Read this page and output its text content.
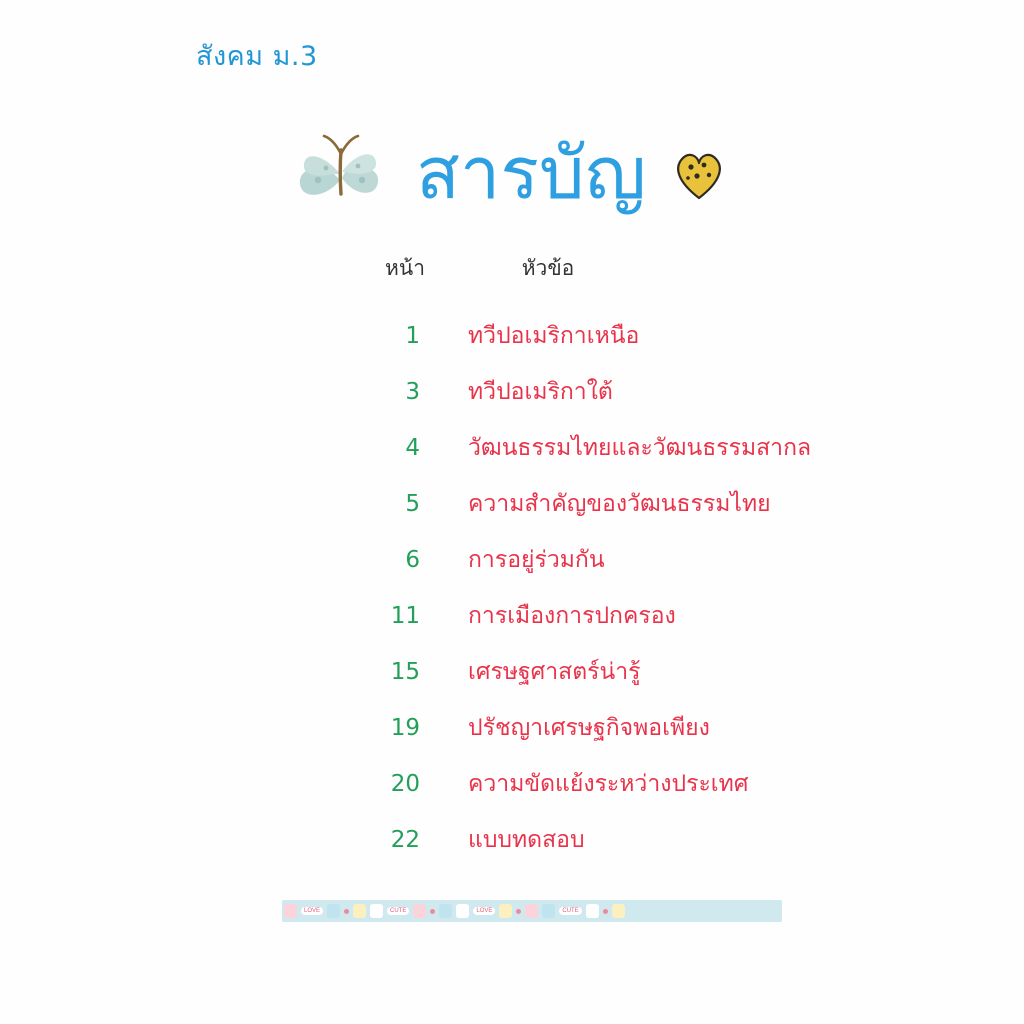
สังคม ม.3
สารบัญ
หน้า	หัวข้อ
1	ทวีปอเมริกาเหนือ
3	ทวีปอเมริกาใต้
4	วัฒนธรรมไทยและวัฒนธรรมสากล
5	ความสำคัญของวัฒนธรรมไทย
6	การอยู่ร่วมกัน
11	การเมืองการปกครอง
15	เศรษฐศาสตร์น่ารู้
19	ปรัชญาเศรษฐกิจพอเพียง
20	ความขัดแย้งระหว่างประเทศ
22	แบบทดสอบ
LOVE	CUTE	LOVE	CUTE
